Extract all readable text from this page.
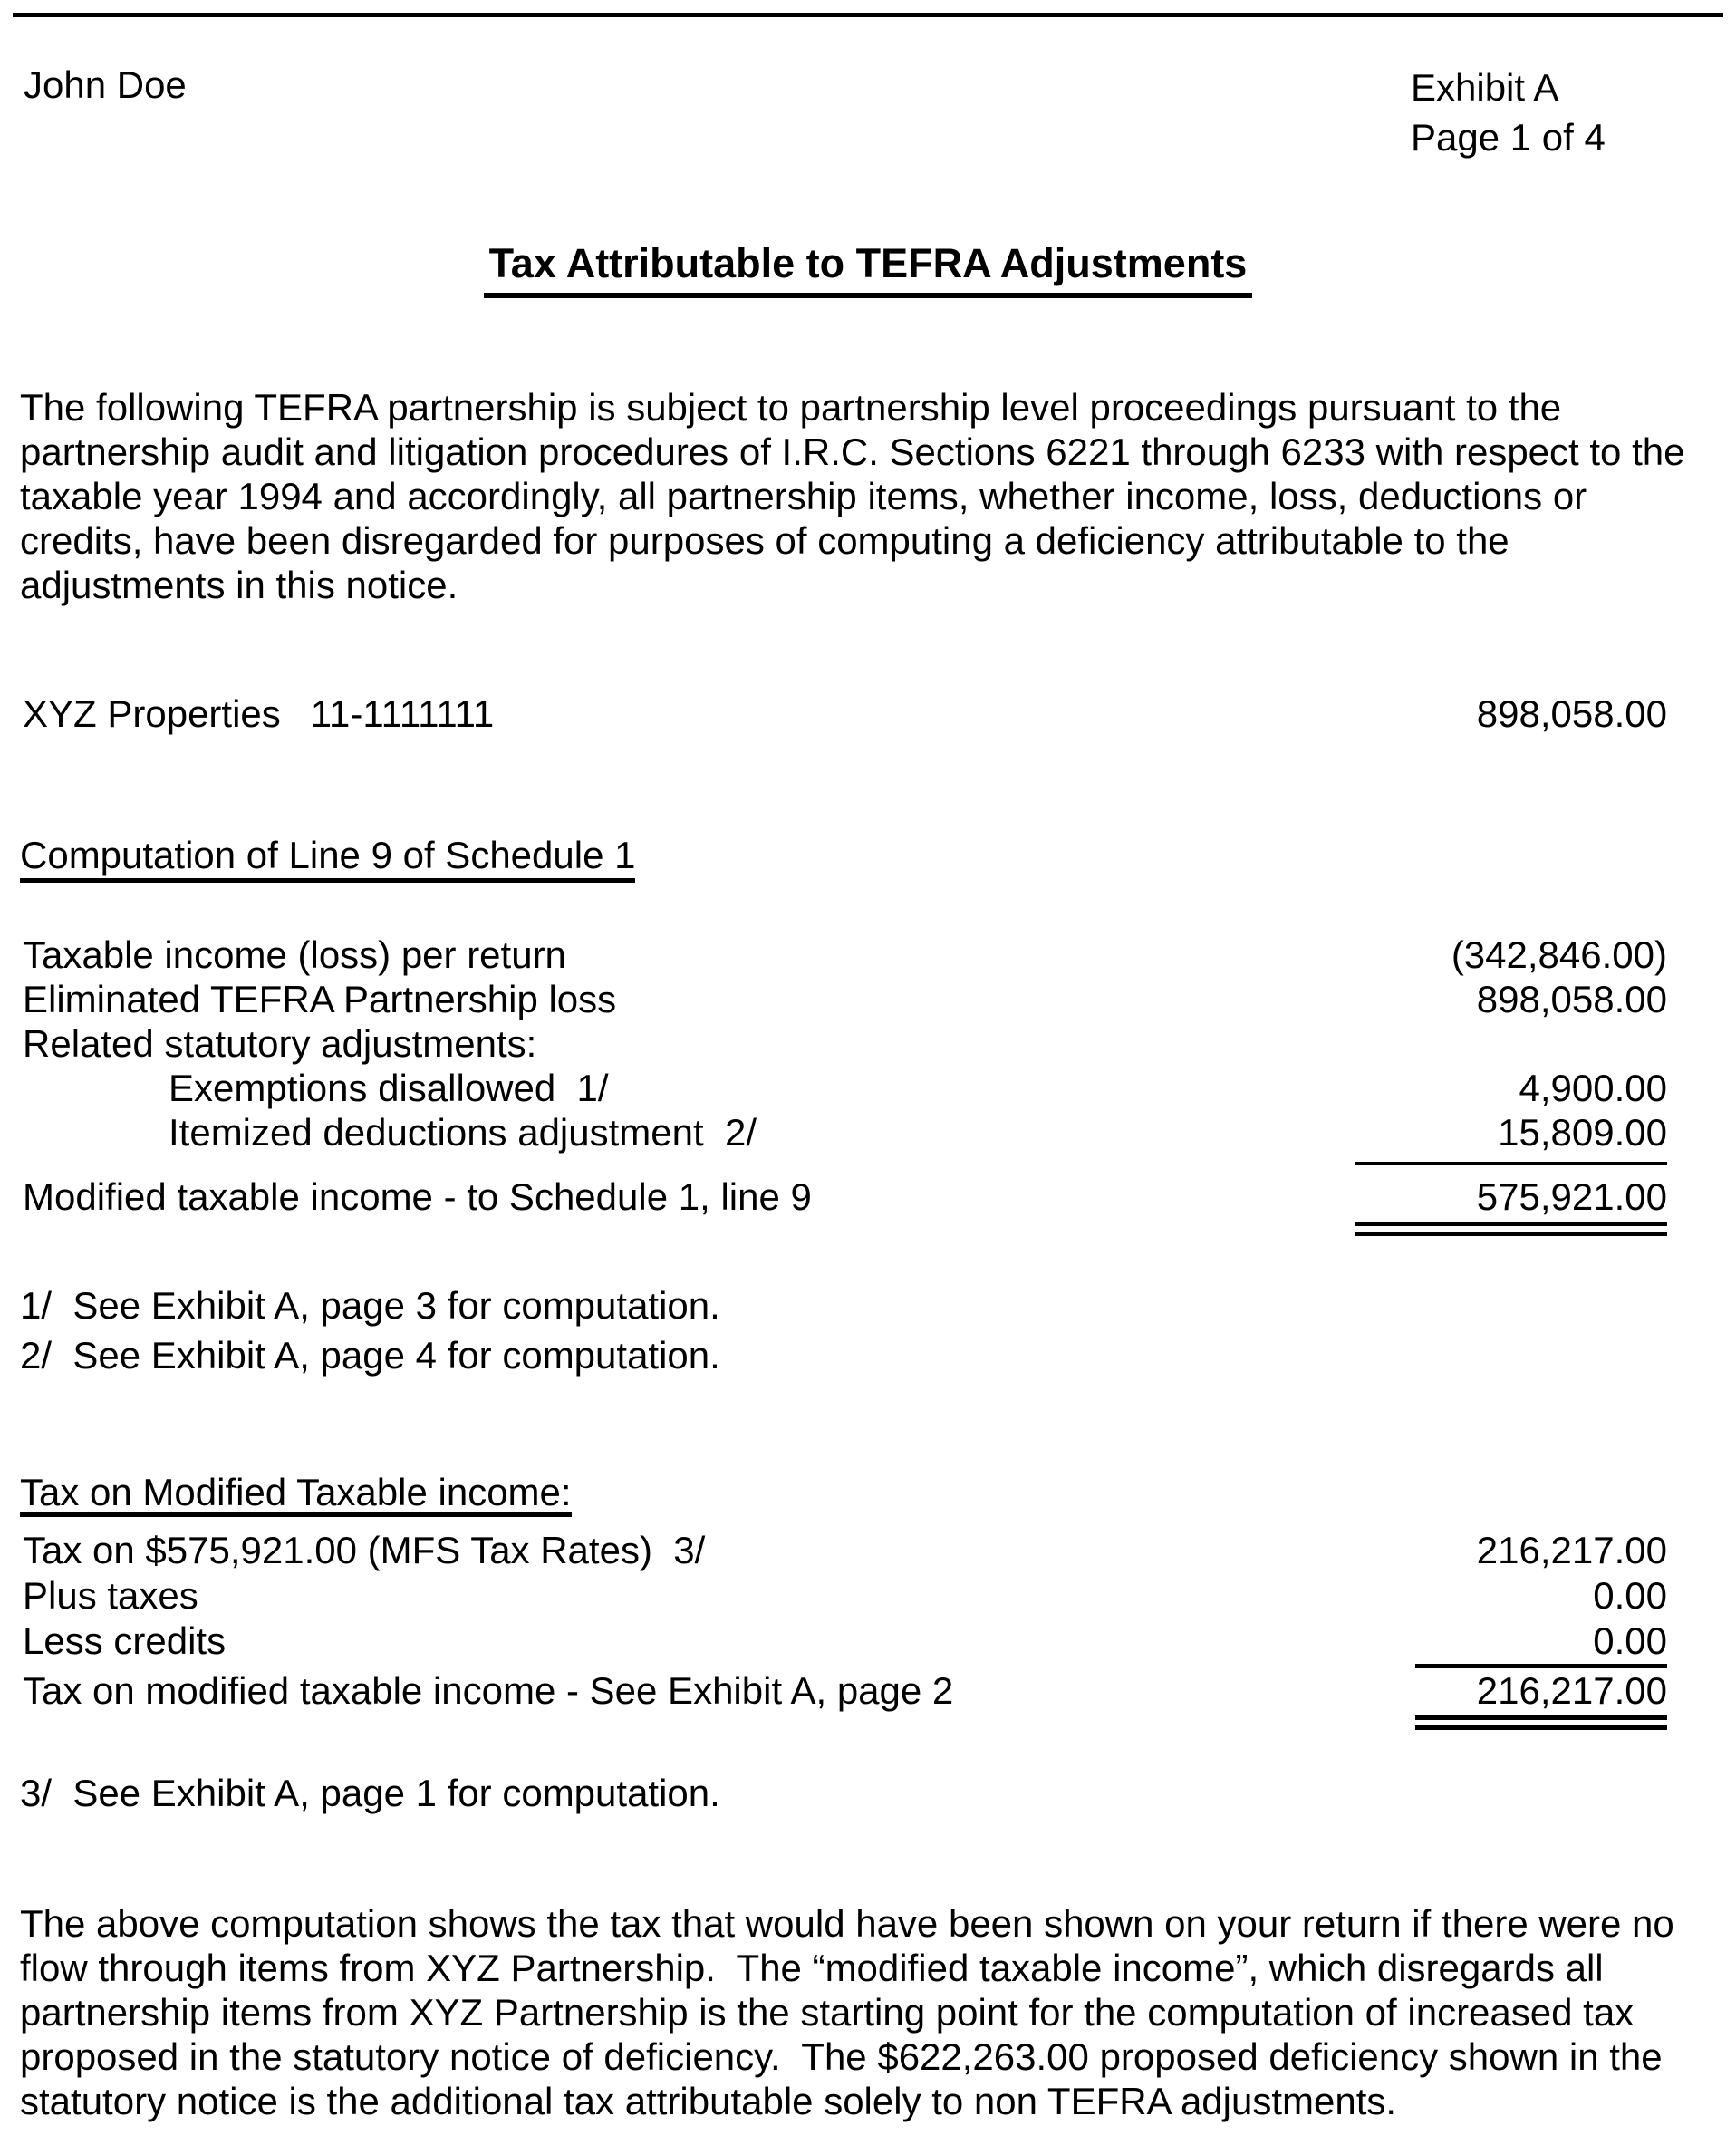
John Doe	Exhibit A
Page 1 of 4
Tax Attributable to TEFRA Adjustments
The following TEFRA partnership is subject to partnership level proceedings pursuant to the
partnership audit and litigation procedures of I.R.C. Sections 6221 through 6233 with respect to the
taxable year 1994 and accordingly, all partnership items, whether income, loss, deductions or
credits, have been disregarded for purposes of computing a deficiency attributable to the
adjustments in this notice.
XYZ Properties 11-1111111	898,058.00
Computation of Line 9 of Schedule 1
Taxable income (loss) per return	(342,846.00)
Eliminated TEFRA Partnership loss	898,058.00
Related statutory adjustments:
Exemptions disallowed  1/	4,900.00
Itemized deductions adjustment  2/	15,809.00
Modified taxable income - to Schedule 1, line 9	575,921.00
1/  See Exhibit A, page 3 for computation.
2/  See Exhibit A, page 4 for computation.
Tax on Modified Taxable income:
Tax on $575,921.00 (MFS Tax Rates)  3/	216,217.00
Plus taxes	0.00
Less credits	0.00
Tax on modified taxable income - See Exhibit A, page 2	216,217.00
3/  See Exhibit A, page 1 for computation.
The above computation shows the tax that would have been shown on your return if there were no
flow through items from XYZ Partnership.  The “modified taxable income”, which disregards all
partnership items from XYZ Partnership is the starting point for the computation of increased tax
proposed in the statutory notice of deficiency.  The $622,263.00 proposed deficiency shown in the
statutory notice is the additional tax attributable solely to non TEFRA adjustments.
